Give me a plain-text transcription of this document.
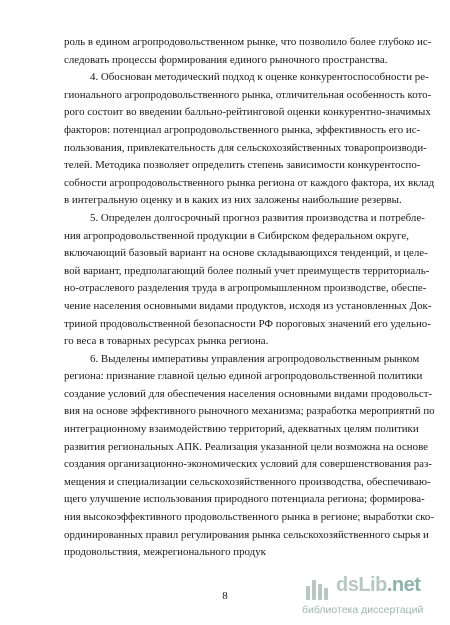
роль в едином агропродовольственном рынке, что позволило более глубоко ис-
следовать процессы формирования единого рыночного пространства.
4. Обоснован методический подход к оценке конкурентоспособности ре-
гионального агропродовольственного рынка, отличительная особенность кото-
рого состоит во введении балльно-рейтинговой оценки конкурентно-значимых
факторов: потенциал агропродовольственного рынка, эффективность его ис-
пользования, привлекательность для сельскохозяйственных товаропроизводи-
телей. Методика позволяет определить степень зависимости конкурентоспо-
собности агропродовольственного рынка региона от каждого фактора, их вклад
в интегральную оценку и в каких из них заложены наибольшие резервы.
5. Определен долгосрочный прогноз развития производства и потребле-
ния агропродовольственной продукции в Сибирском федеральном округе,
включающий базовый вариант на основе складывающихся тенденций, и целе-
вой вариант, предполагающий более полный учет преимуществ территориаль-
но-отраслевого разделения труда в агропромышленном производстве, обеспе-
чение населения основными видами продуктов, исходя из установленных Док-
триной продовольственной безопасности РФ пороговых значений его удельно-
го веса в товарных ресурсах рынка региона.
6. Выделены императивы управления агропродовольственным рынком
региона: признание главной целью единой агропродовольственной политики
создание условий для обеспечения населения основными видами продовольст-
вия на основе эффективного рыночного механизма; разработка мероприятий по
интеграционному взаимодействию территорий, адекватных целям политики
развития региональных АПК. Реализация указанной цели возможна на основе
создания организационно-экономических условий для совершенствования раз-
мещения и специализации сельскохозяйственного производства, обеспечиваю-
щего улучшение использования природного потенциала региона; формирова-
ния высокоэффективного продовольственного рынка в регионе; выработки ско-
ординированных правил регулирования рынка сельскохозяйственного сырья и
продовольствия, межрегионального продук
8	dsLib.net
библиотека диссертаций
